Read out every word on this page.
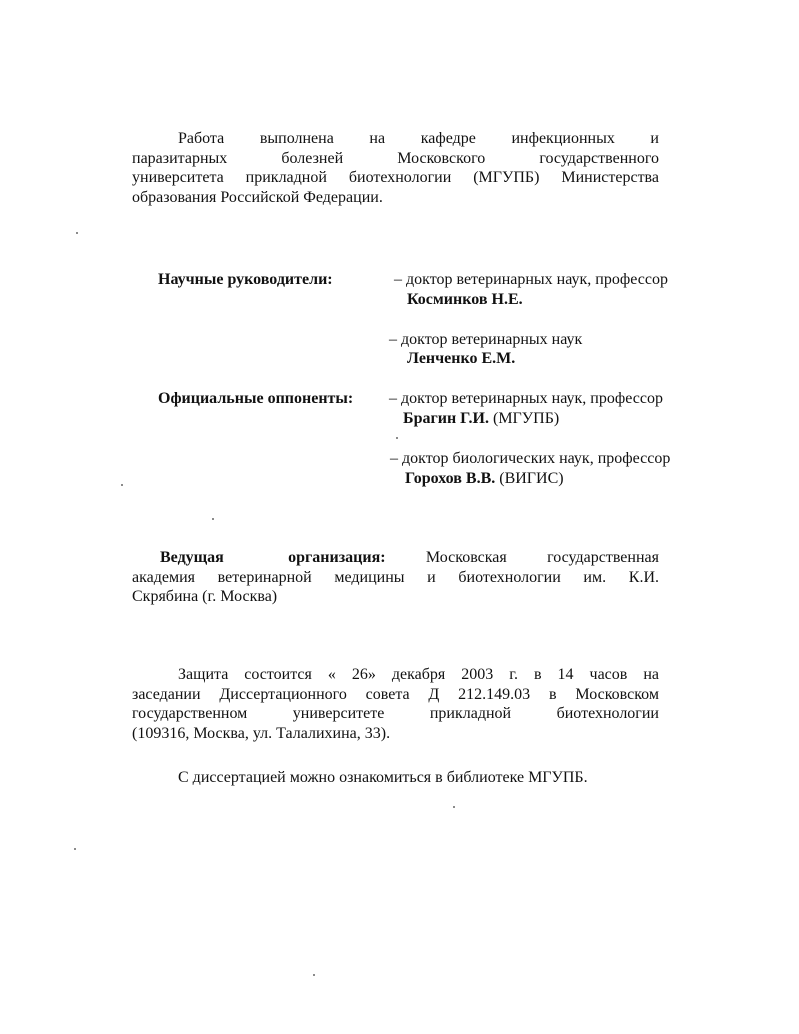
Работа выполнена на кафедре инфекционных и
паразитарных болезней Московского государственного
университета прикладной биотехнологии (МГУПБ) Министерства
образования Российской Федерации.
Научные руководители:	– доктор ветеринарных наук, профессор
Косминков Н.Е.
– доктор ветеринарных наук
Ленченко Е.М.
Официальные оппоненты: – доктор ветеринарных наук, профессор
Брагин Г.И. (МГУПБ)
– доктор биологических наук, профессор
Горохов В.В. (ВИГИС)
Ведущая организация:	Московская государственная
академия ветеринарной медицины и биотехнологии им. К.И.
Скрябина (г. Москва)
Защита состоится « 26» декабря 2003 г. в 14 часов на
заседании Диссертационного совета Д 212.149.03 в Московском
государственном университете прикладной биотехнологии
(109316, Москва, ул. Талалихина, 33).
С диссертацией можно ознакомиться в библиотеке МГУПБ.
